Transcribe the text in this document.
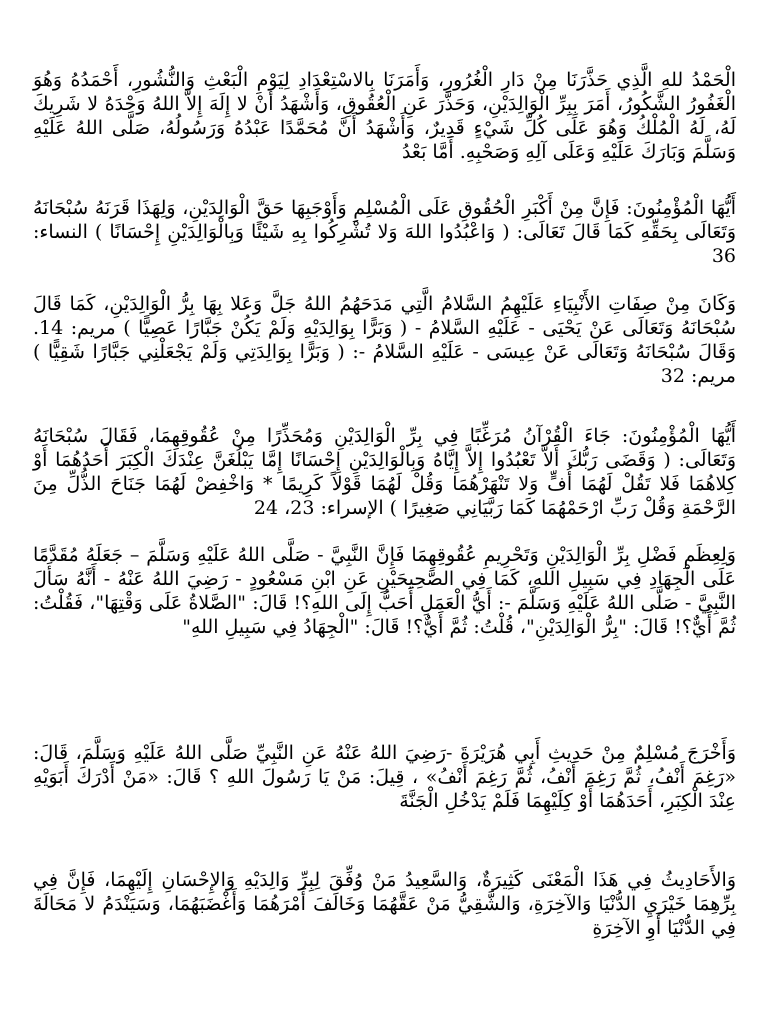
الْحَمْدُ للهِ الَّذِي حَذَّرَنَا مِنْ دَارِ الْغُرُورِ، وَأَمَرَنَا بِالاسْتِعْدَادِ لِيَوْمِ الْبَعْثِ وَالنُّشُورِ، أَحْمَدُهُ وَهُوَ الْغَفُورُ الشَّكُورُ، أَمَرَ بِبِرِّ الْوَالِدَيْنِ، وَحَذَّرَ عَنِ الْعُقُوقِ، وَأَشْهَدُ أَنْ لا إِلَهَ إِلاَّ اللهُ وَحْدَهُ لا شَرِيكَ لَهُ، لَهُ الْمُلْكُ وَهُوَ عَلَى كُلِّ شَيْءٍ قَدِيرٌ، وَأَشْهَدُ أَنَّ مُحَمَّدًا عَبْدُهُ وَرَسُولُهُ، صَلَّى اللهُ عَلَيْهِ وَسَلَّمَ وَبَارَكَ عَلَيْهِ وَعَلَى آلِهِ وَصَحْبِهِ. أَمَّا بَعْدُ

أَيُّهَا الْمُؤْمِنُونَ: فَإِنَّ مِنْ أَكْبَرِ الْحُقُوقِ عَلَى الْمُسْلِمِ وَأَوْجَبِهَا حَقَّ الْوَالِدَيْنِ، وَلِهَذَا قَرَنَهُ سُبْحَانَهُ وَتَعَالَى بِحَقِّهِ كَمَا قَالَ تَعَالَى: ( وَاعْبُدُوا اللهَ وَلا تُشْرِكُوا بِهِ شَيْئًا وَبِالْوَالِدَيْنِ إِحْسَانًا ) النساء: 36

وَكَانَ مِنْ صِفَاتِ الأَنْبِيَاءِ عَلَيْهِمُ السَّلامُ الَّتِي مَدَحَهُمُ اللهُ جَلَّ وَعَلا بِهَا بِرُّ الْوَالِدَيْنِ، كَمَا قَالَ سُبْحَانَهُ وَتَعَالَى عَنْ يَحْيَى - عَلَيْهِ السَّلامُ - ( وَبَرًّا بِوَالِدَيْهِ وَلَمْ يَكُنْ جَبَّارًا عَصِيًّا ) مريم: 14. وَقَالَ سُبْحَانَهُ وَتَعَالَى عَنْ عِيسَى - عَلَيْهِ السَّلامُ -: ( وَبَرًّا بِوَالِدَتِي وَلَمْ يَجْعَلْنِي جَبَّارًا شَقِيًّا ) مريم: 32

أَيُّهَا الْمُؤْمِنُونَ: جَاءَ الْقُرْآنُ مُرَغِّبًا فِي بِرِّ الْوَالِدَيْنِ وَمُحَذِّرًا مِنْ عُقُوقِهِمَا، فَقَالَ سُبْحَانَهُ وَتَعَالَى: ( وَقَضَى رَبُّكَ أَلاَّ تَعْبُدُوا إِلاَّ إِيَّاهُ وَبِالْوَالِدَيْنِ إِحْسَانًا إِمَّا يَبْلُغَنَّ عِنْدَكَ الْكِبَرَ أَحَدُهُمَا أَوْ كِلاهُمَا فَلا تَقُلْ لَهُمَا أُفٍّ وَلا تَنْهَرْهُمَا وَقُلْ لَهُمَا قَوْلاً كَرِيمًا * وَاخْفِضْ لَهُمَا جَنَاحَ الذُّلِّ مِنَ الرَّحْمَةِ وَقُلْ رَبِّ ارْحَمْهُمَا كَمَا رَبَّيَانِي صَغِيرًا ) الإسراء: 23، 24

وَلِعِظَمِ فَضْلِ بِرِّ الْوَالِدَيْنِ وَتَحْرِيمِ عُقُوقِهِمَا فَإِنَّ النَّبِيَّ - صَلَّى اللهُ عَلَيْهِ وَسَلَّمَ – جَعَلَهُ مُقَدَّمًا عَلَى الْجِهَادِ فِي سَبِيلِ اللهِ، كَمَا فِي الصَّحِيحَيْنِ عَنِ ابْنِ مَسْعُودٍ - رَضِيَ اللهُ عَنْهُ - أَنَّهُ سَأَلَ النَّبِيَّ - صَلَّى اللهُ عَلَيْهِ وَسَلَّمَ -: أَيُّ الْعَمَلِ أَحَبُّ إِلَى اللهِ؟! قَالَ: "الصَّلاةُ عَلَى وَقْتِهَا"، فَقُلْتُ: ثُمَّ أَيٌّ؟! قَالَ: "بِرُّ الْوَالِدَيْنِ"، قُلْتُ: ثُمَّ أَيٌّ؟! قَالَ: "الْجِهَادُ فِي سَبِيلِ اللهِ"

وَأَخْرَجَ مُسْلِمٌ مِنْ حَدِيثِ أَبِي هُرَيْرَةَ -رَضِيَ اللهُ عَنْهُ عَنِ النَّبِيِّ صَلَّى اللهُ عَلَيْهِ وَسَلَّمَ، قَالَ: «رَغِمَ أَنْفُ، ثُمَّ رَغِمَ أَنْفُ، ثُمَّ رَغِمَ أَنْفُ» ، قِيلَ: مَنْ يَا رَسُولَ اللهِ ؟ قَالَ: «مَنْ أَدْرَكَ أَبَوَيْهِ عِنْدَ الْكِبَرِ، أَحَدَهُمَا أَوْ كِلَيْهِمَا فَلَمْ يَدْخُلِ الْجَنَّةَ

وَالأَحَادِيثُ فِي هَذَا الْمَعْنَى كَثِيرَةٌ، وَالسَّعِيدُ مَنْ وُفِّقَ لِبِرِّ وَالِدَيْهِ وَالإِحْسَانِ إِلَيْهِمَا، فَإِنَّ فِي بِرِّهِمَا خَيْرَيِ الدُّنْيَا وَالآخِرَةِ، وَالشَّقِيُّ مَنْ عَقَّهُمَا وَخَالَفَ أَمْرَهُمَا وَأَغْضَبَهُمَا، وَسَيَنْدَمُ لا مَحَالَةَ فِي الدُّنْيَا أَوِ الآخِرَةِ
